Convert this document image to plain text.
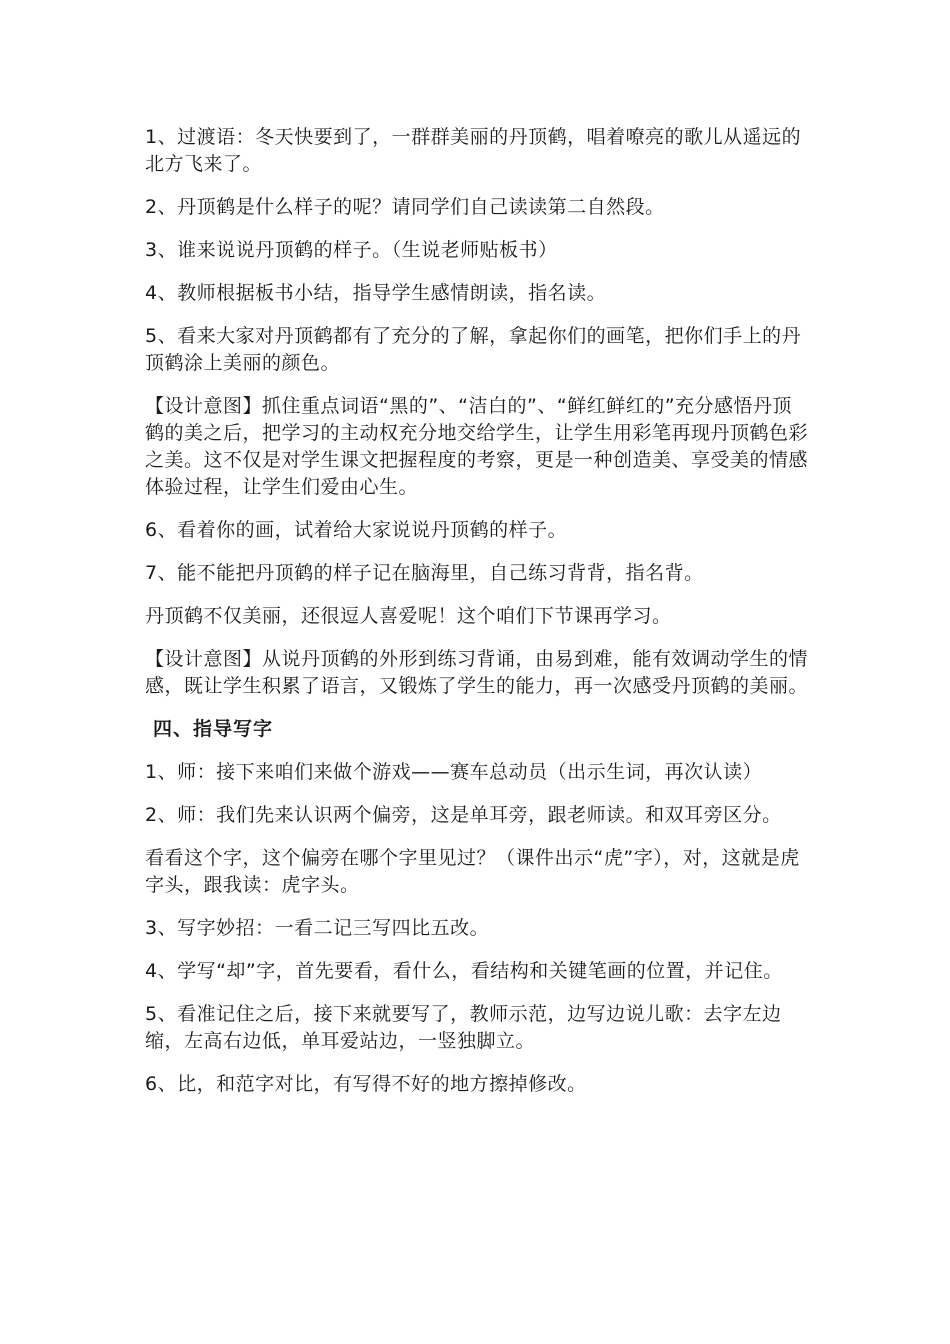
1、过渡语：冬天快要到了，一群群美丽的丹顶鹤，唱着嘹亮的歌儿从遥远的北方飞来了。

2、丹顶鹤是什么样子的呢？请同学们自己读读第二自然段。

3、谁来说说丹顶鹤的样子。（生说老师贴板书）

4、教师根据板书小结，指导学生感情朗读，指名读。

5、看来大家对丹顶鹤都有了充分的了解，拿起你们的画笔，把你们手上的丹顶鹤涂上美丽的颜色。

【设计意图】抓住重点词语“黑的”、“洁白的”、“鲜红鲜红的”充分感悟丹顶鹤的美之后，把学习的主动权充分地交给学生，让学生用彩笔再现丹顶鹤色彩之美。这不仅是对学生课文把握程度的考察，更是一种创造美、享受美的情感体验过程，让学生们爱由心生。

6、看着你的画，试着给大家说说丹顶鹤的样子。

7、能不能把丹顶鹤的样子记在脑海里，自己练习背背，指名背。

丹顶鹤不仅美丽，还很逗人喜爱呢！这个咱们下节课再学习。

【设计意图】从说丹顶鹤的外形到练习背诵，由易到难，能有效调动学生的情感，既让学生积累了语言，又锻炼了学生的能力，再一次感受丹顶鹤的美丽。

四、指导写字

1、师：接下来咱们来做个游戏——赛车总动员（出示生词，再次认读）

2、师：我们先来认识两个偏旁，这是单耳旁，跟老师读。和双耳旁区分。

看看这个字，这个偏旁在哪个字里见过？（课件出示“虎”字），对，这就是虎字头，跟我读：虎字头。

3、写字妙招：一看二记三写四比五改。

4、学写“却”字，首先要看，看什么，看结构和关键笔画的位置，并记住。

5、看准记住之后，接下来就要写了，教师示范，边写边说儿歌：去字左边缩，左高右边低，单耳爱站边，一竖独脚立。

6、比，和范字对比，有写得不好的地方擦掉修改。
